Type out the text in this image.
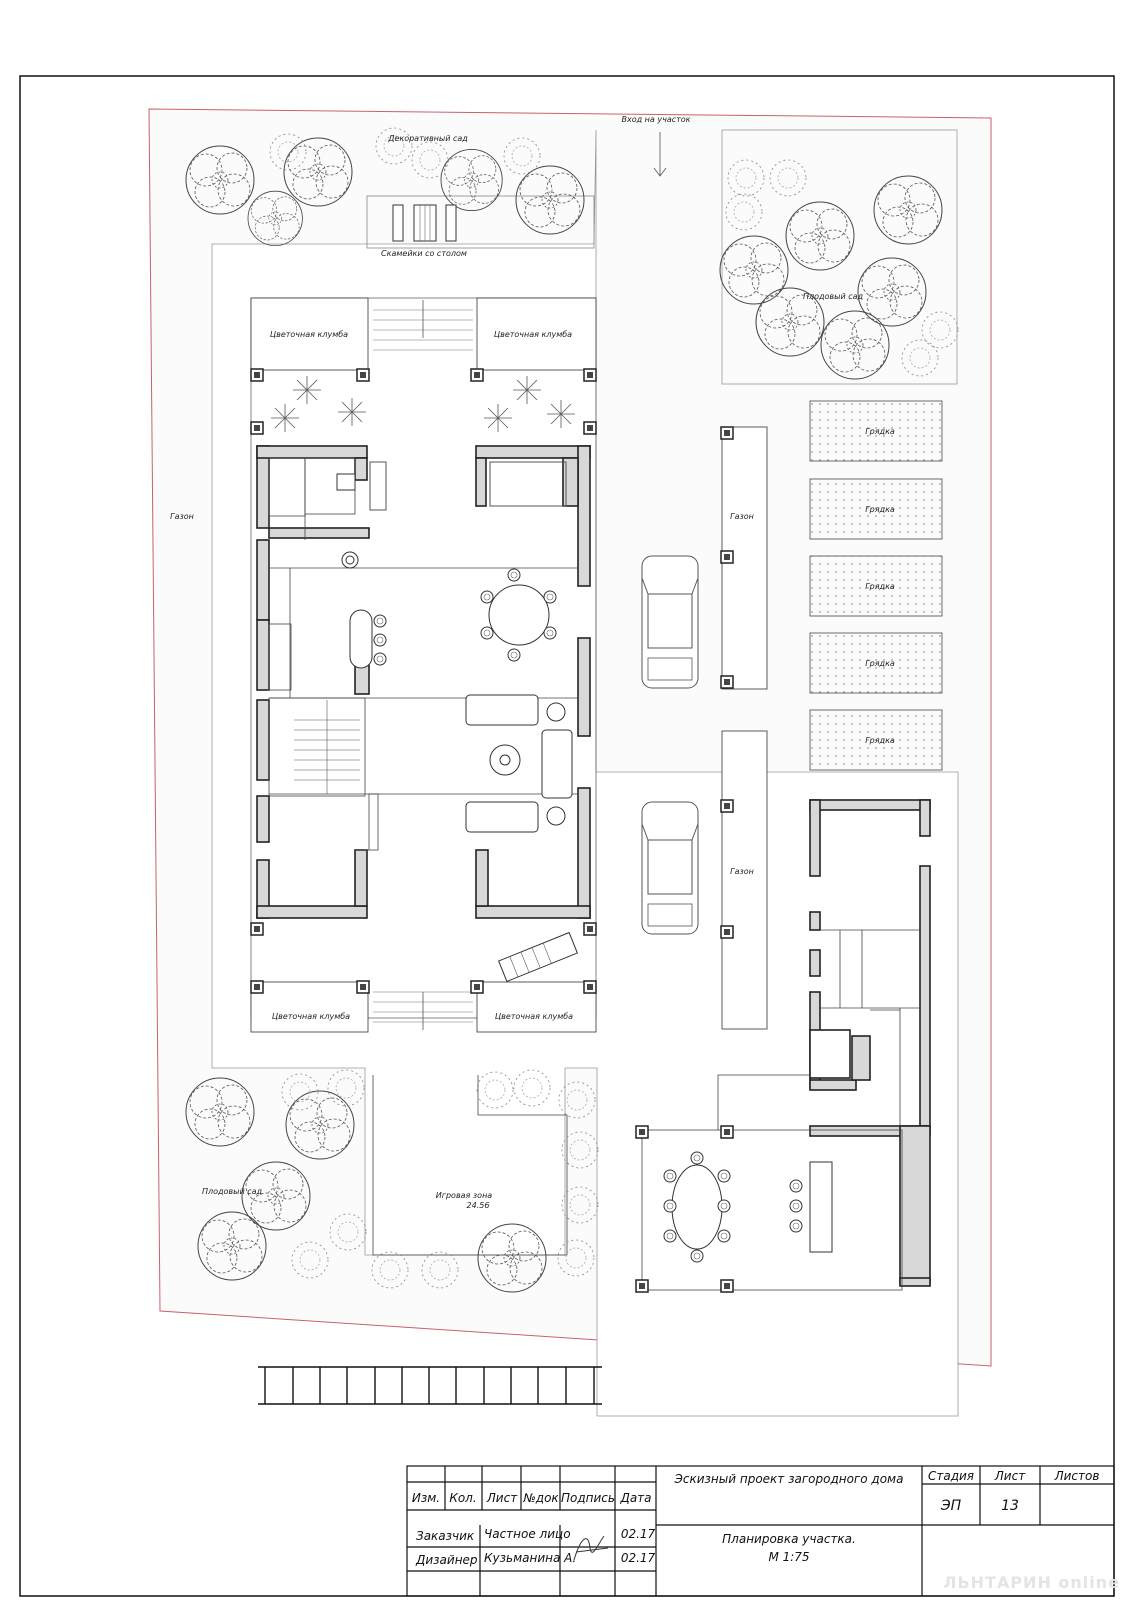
Вход на участок
Декоративный сад
Скамейки со столом
Плодовый сад
Газон
Цветочная клумба	Цветочная клумба
Цветочная клумба	Цветочная клумба
Газон
Газон
Грядка
Грядка
Грядка
Грядка
Грядка
Игровая зона
24.56
Плодовый сад
Изм. Кол. Лист №док Подпись Дата
Заказчик Частное лицо	02.17
Дизайнер Кузьманина А.	02.17
Эскизный проект загородного дома Стадия Лист Листов
ЭП	13
Планировка участка.
М 1:75
ЛЬНТАРИН online
